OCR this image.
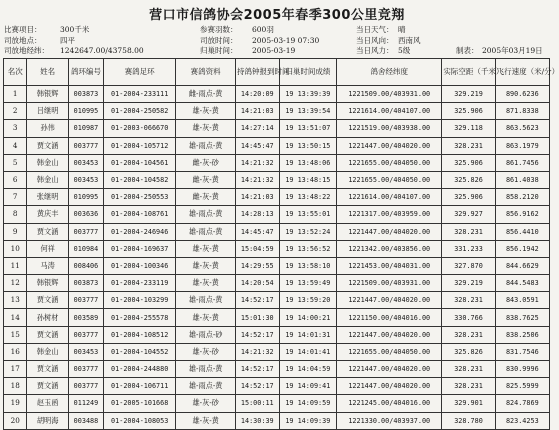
营口市信鸽协会2005年春季300公里竞翔
比赛项目： 300千米	参赛羽数： 600羽	当日天气： 晴
司放地点： 四平	司放时间： 2005-03-19 07:30	当日风向： 西南风
司放地经纬： 1242647.00/43758.00	归巢时间： 2005-03-19	当日风力： 5级	制表： 2005年03月19日
名次	姓名	鸽环编号	赛鸽足环	赛鸽资料	持鸽钟报到时间	归巢时间成绩	鸽舍经纬度	实际空距（千米）	飞行速度（米/分）
1	韩银辉	003873	01-2004-233111	雌-雨点-黄	14:20:09	19 13:39:39	1221509.00/403931.00	329.219	890.6236
2	吕继明	010995	01-2004-250582	雄-灰-黄	14:21:03	19 13:39:54	1221614.00/404107.00	325.906	871.8338
3	孙伟	010987	01-2003-066670	雄-灰-黄	14:27:14	19 13:51:07	1221519.00/403938.00	329.118	863.5623
4	贾文涵	003777	01-2004-105712	雄-雨点-黄	14:45:47	19 13:50:15	1221447.00/404020.00	328.231	863.1979
5	韩金山	003453	01-2004-104561	雌-灰-砂	14:21:32	19 13:48:06	1221655.00/404050.00	325.906	861.7456
6	韩金山	003453	01-2004-104582	雌-灰-黄	14:21:32	19 13:48:15	1221655.00/404050.00	325.826	861.4038
7	张继明	010995	01-2004-250553	雌-灰-黄	14:21:03	19 13:48:22	1221614.00/404107.00	325.906	858.2120
8	黄庆丰	003636	01-2004-108761	雄-雨点-黄	14:28:13	19 13:55:01	1221317.00/403959.00	329.927	856.9162
9	贾文涵	003777	01-2004-246946	雄-雨点-黄	14:45:47	19 13:52:24	1221447.00/404020.00	328.231	856.4410
10	何祥	010984	01-2004-169637	雄-灰-黄	15:04:59	19 13:56:52	1221342.00/403856.00	331.233	856.1942
11	马涛	008406	01-2004-100346	雄-灰-黄	14:29:55	19 13:58:10	1221453.00/404031.00	327.870	844.6629
12	韩银辉	003873	01-2004-233119	雄-灰-黄	14:20:54	19 13:59:49	1221509.00/403931.00	329.219	844.5483
13	贾文涵	003777	01-2004-103299	雄-雨点-黄	14:52:17	19 13:59:20	1221447.00/404020.00	328.231	843.0591
14	孙树材	003589	01-2004-255578	雄-灰-黄	15:01:30	19 14:00:21	1221150.00/404016.00	330.766	838.7625
15	贾文涵	003777	01-2004-108512	雄-雨点-砂	14:52:17	19 14:01:31	1221447.00/404020.00	328.231	838.2506
16	韩金山	003453	01-2004-104552	雄-灰-砂	14:21:32	19 14:01:41	1221655.00/404050.00	325.826	831.7546
17	贾文涵	003777	01-2004-244880	雄-雨点-黄	14:52:17	19 14:04:59	1221447.00/404020.00	328.231	830.9996
18	贾文涵	003777	01-2004-106711	雄-雨点-黄	14:52:17	19 14:09:41	1221447.00/404020.00	328.231	825.5999
19	赵玉函	011249	01-2005-101668	雄-灰-砂	15:00:11	19 14:09:59	1221245.00/404016.00	329.901	824.7869
20	胡明海	003488	01-2004-108053	雄-灰-黄	14:30:39	19 14:09:39	1221330.00/403937.00	328.780	823.4253
